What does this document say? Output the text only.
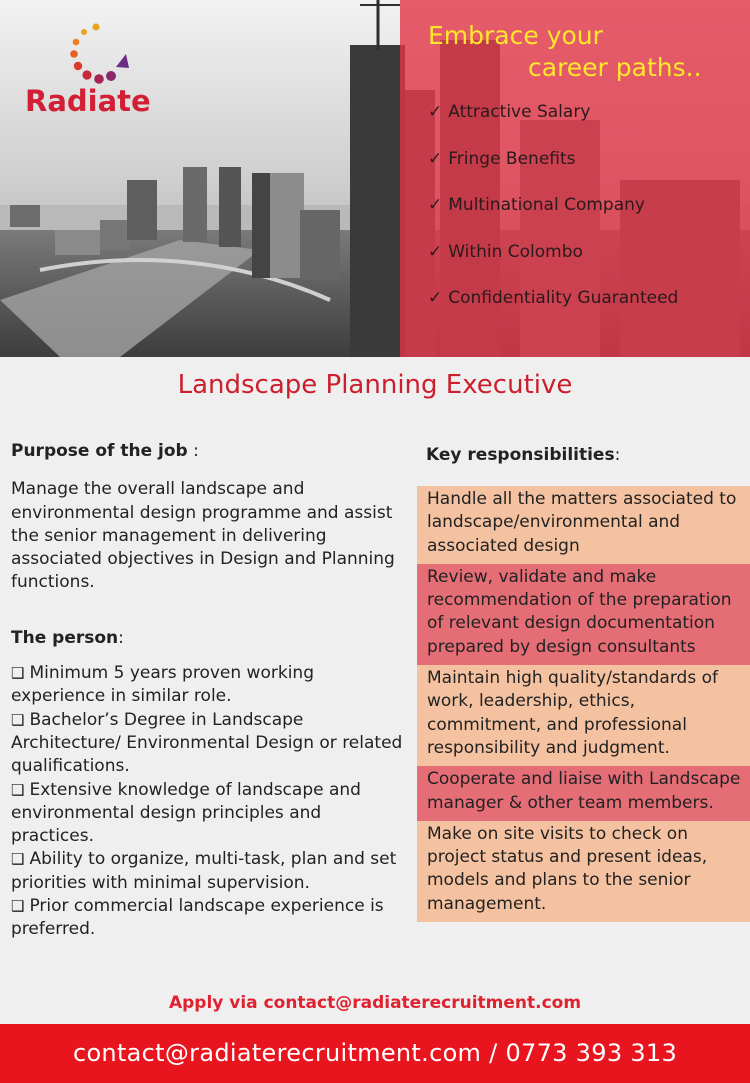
Radiate
Embrace your
career paths..
✓ Attractive Salary
✓ Fringe Benefits
✓ Multinational Company
✓ Within Colombo
✓ Confidentiality Guaranteed
Landscape Planning Executive
Purpose of the job :
Manage the overall landscape and environmental design programme and assist the senior management in delivering associated objectives in Design and Planning functions.
The person:
❑ Minimum 5 years proven working experience in similar role.
❑ Bachelor’s Degree in Landscape Architecture/ Environmental Design or related qualifications.
❑ Extensive knowledge of landscape and environmental design principles and practices.
❑ Ability to organize, multi-task, plan and set priorities with minimal supervision.
❑ Prior commercial landscape experience is preferred.
Key responsibilities:
Handle all the matters associated to landscape/environmental and associated design
Review, validate and make recommendation of the preparation of relevant design documentation prepared by design consultants
Maintain high quality/standards of work, leadership, ethics, commitment, and professional responsibility and judgment.
Cooperate and liaise with Landscape manager & other team members.
Make on site visits to check on project status and present ideas, models and plans to the senior management.
Apply via contact@radiaterecruitment.com
contact@radiaterecruitment.com / 0773 393 313
